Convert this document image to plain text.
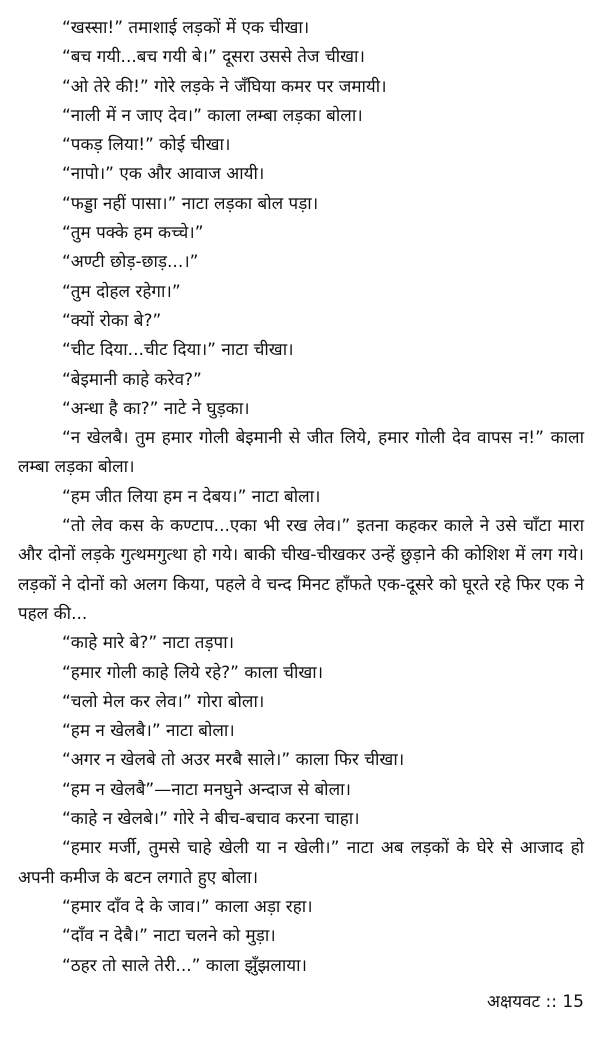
“खस्सा!” तमाशाई लड़कों में एक चीखा।

“बच गयी...बच गयी बे।” दूसरा उससे तेज चीखा।

“ओ तेरे की!” गोरे लड़के ने जँघिया कमर पर जमायी।

“नाली में न जाए देव।” काला लम्बा लड़का बोला।

“पकड़ लिया!” कोई चीखा।

“नापो।” एक और आवाज आयी।

“फड्डा नहीं पासा।” नाटा लड़का बोल पड़ा।

“तुम पक्के हम कच्चे।”

“अण्टी छोड़-छाड़...।”

“तुम दोहल रहेगा।”

“क्यों रोका बे?”

“चीट दिया...चीट दिया।” नाटा चीखा।

“बेइमानी काहे करेव?”

“अन्धा है का?” नाटे ने घुड़का।

“न खेलबै। तुम हमार गोली बेइमानी से जीत लिये, हमार गोली देव वापस न!” काला लम्बा लड़का बोला।

“हम जीत लिया हम न देबय।” नाटा बोला।

“तो लेव कस के कण्टाप...एका भी रख लेव।” इतना कहकर काले ने उसे चाँटा मारा और दोनों लड़के गुत्थमगुत्था हो गये। बाकी चीख-चीखकर उन्हें छुड़ाने की कोशिश में लग गये। लड़कों ने दोनों को अलग किया, पहले वे चन्द मिनट हाँफते एक-दूसरे को घूरते रहे फिर एक ने पहल की...

“काहे मारे बे?” नाटा तड़पा।

“हमार गोली काहे लिये रहे?” काला चीखा।

“चलो मेल कर लेव।” गोरा बोला।

“हम न खेलबै।” नाटा बोला।

“अगर न खेलबे तो अउर मरबै साले।” काला फिर चीखा।

“हम न खेलबै”—नाटा मनघुने अन्दाज से बोला।

“काहे न खेलबे।” गोरे ने बीच-बचाव करना चाहा।

“हमार मर्जी, तुमसे चाहे खेली या न खेली।” नाटा अब लड़कों के घेरे से आजाद हो अपनी कमीज के बटन लगाते हुए बोला।

“हमार दाँव दे के जाव।” काला अड़ा रहा।

“दाँव न देबै।” नाटा चलने को मुड़ा।

“ठहर तो साले तेरी...” काला झुँझलाया।

अक्षयवट :: 15
